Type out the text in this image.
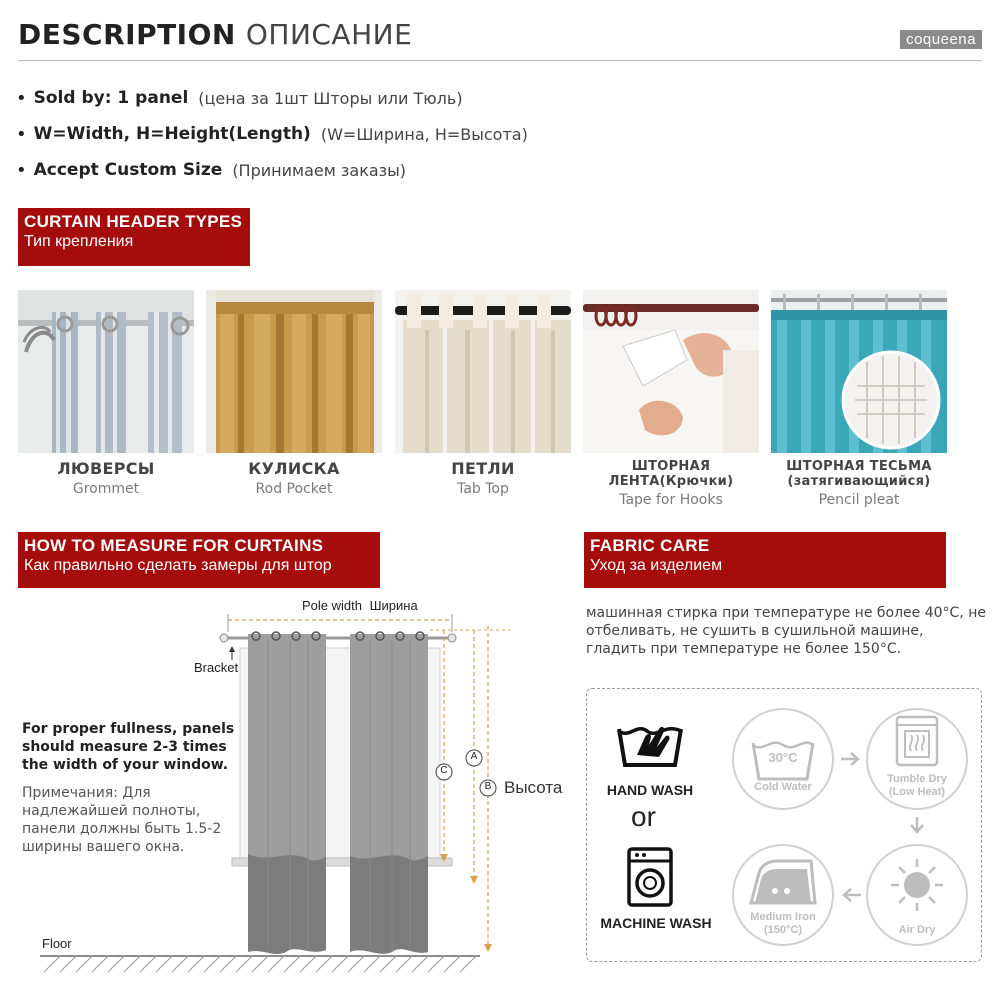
DESCRIPTION ОПИСАНИЕ	coqueena
• Sold by: 1 panel (цена за 1шт Шторы или Тюль)
• W=Width, H=Height(Length) (W=Ширина, H=Высота)
• Accept Custom Size (Принимаем заказы)
CURTAIN HEADER TYPES
Тип крепления
ЛЮВЕРСЫ
Grommet
КУЛИСКА
Rod Pocket
ПЕТЛИ
Tab Top
ШТОРНАЯ ЛЕНТА(Крючки)
Tape for Hooks
ШТОРНАЯ ТЕСЬМА
(затягивающийся)
Pencil pleat
HOW TO MEASURE FOR CURTAINS
Как правильно сделать замеры для штор
FABRIC CARE
Уход за изделием
Pole width Ширина
Bracket
Floor
C
A
B Высота
For proper fullness, panels should measure 2-3 times the width of your window.
Примечания: Для надлежайшей полноты, панели должны быть 1.5-2 ширины вашего окна.
машинная стирка при температуре не более 40°C, не отбеливать, не сушить в сушильной машине, гладить при температуре не более 150°C.
HAND WASH
or
MACHINE WASH
30°C
Cold Water
Tumble Dry
(Low Heat)
Medium Iron
(150°C)	Air Dry
